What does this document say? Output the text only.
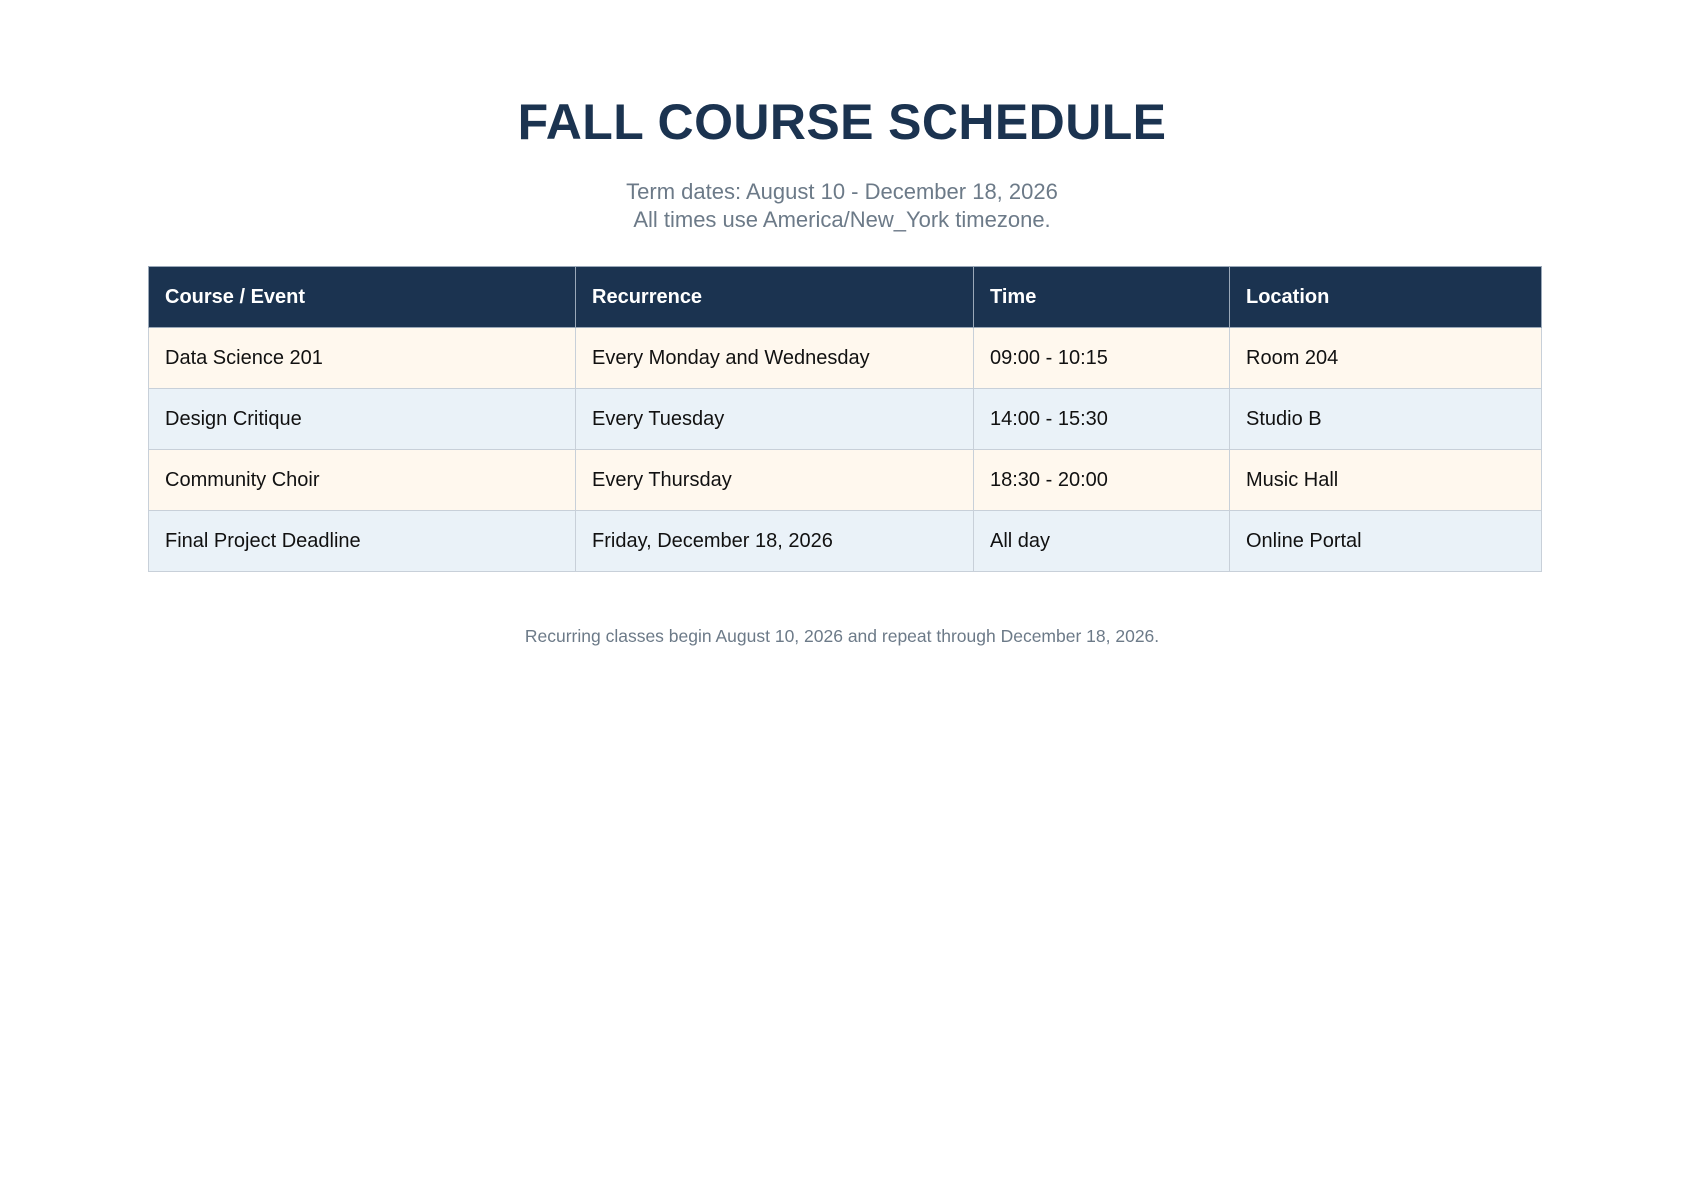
FALL COURSE SCHEDULE
Term dates: August 10 - December 18, 2026
All times use America/New_York timezone.
Course / Event	Recurrence	Time	Location
Data Science 201	Every Monday and Wednesday	09:00 - 10:15	Room 204
Design Critique	Every Tuesday	14:00 - 15:30	Studio B
Community Choir	Every Thursday	18:30 - 20:00	Music Hall
Final Project Deadline	Friday, December 18, 2026	All day	Online Portal
Recurring classes begin August 10, 2026 and repeat through December 18, 2026.
